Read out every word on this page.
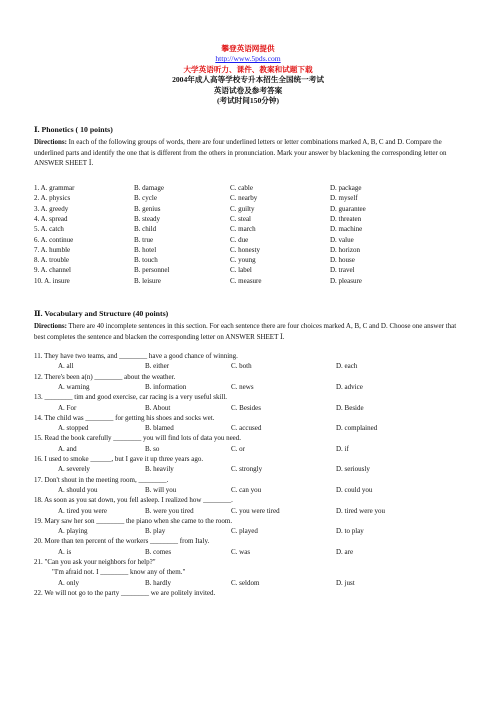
攀登英语网提供
http://www.5pds.com
大学英语听力、课件、教案和试题下载
2004年成人高等学校专升本招生全国统一考试
英语试卷及参考答案
(考试时间150分钟)
Ⅰ. Phonetics ( 10 points)
Directions: In each of the following groups of words, there are four underlined letters or letter combinations marked A, B, C and D. Compare the underlined parts and identify the one that is different from the others in pronunciation. Mark your answer by blackening the corresponding letter on ANSWER SHEET Ⅰ.
1. A. grammar	B. damage	C. cable	D. package
2. A. physics	B. cycle	C. nearby	D. myself
3. A. greedy	B. genius	C. guilty	D. guarantee
4. A. spread	B. steady	C. steal	D. threaten
5. A. catch	B. child	C. march	D. machine
6. A. continue	B. true	C. due	D. value
7. A. humble	B. hotel	C. honesty	D. horizon
8. A. trouble	B. touch	C. young	D. house
9. A. channel	B. personnel	C. label	D. travel
10. A. insure	B. leisure	C. measure	D. pleasure
Ⅱ. Vocabulary and Structure (40 points)
Directions: There are 40 incomplete sentences in this section. For each sentence there are four choices marked A, B, C and D. Choose one answer that best completes the sentence and blacken the corresponding letter on ANSWER SHEET Ⅰ.
11. They have two teams, and ________ have a good chance of winning.
A. all	B. either	C. both	D. each
12. There's been a(n) ________ about the weather.
A. warning	B. information	C. news	D. advice
13. ________ tim and good exercise, car racing is a very useful skill.
A. For	B. About	C. Besides	D. Beside
14. The child was ________ for getting his shoes and socks wet.
A. stopped	B. blamed	C. accused	D. complained
15. Read the book carefully ________ you will find lots of data you need.
A. and	B. so	C. or	D. if
16. I used to smoke ______, but I gave it up three years ago.
A. severely	B. heavily	C. strongly	D. seriously
17. Don't shout in the meeting room, ________.
A. should you	B. will you	C. can you	D. could you
18. As soon as you sat down, you fell asleep. I realized how ________.
A. tired you were	B. were you tired	C. you were tired	D. tired were you
19. Mary saw her son ________ the piano when she came to the room.
A. playing	B. play	C. played	D. to play
20. More than ten percent of the workers ________ from Italy.
A. is	B. comes	C. was	D. are
21. "Can you ask your neighbors for help?"
"I'm afraid not. I ________ know any of them."
A. only	B. hardly	C. seldom	D. just
22. We will not go to the party ________ we are politely invited.
